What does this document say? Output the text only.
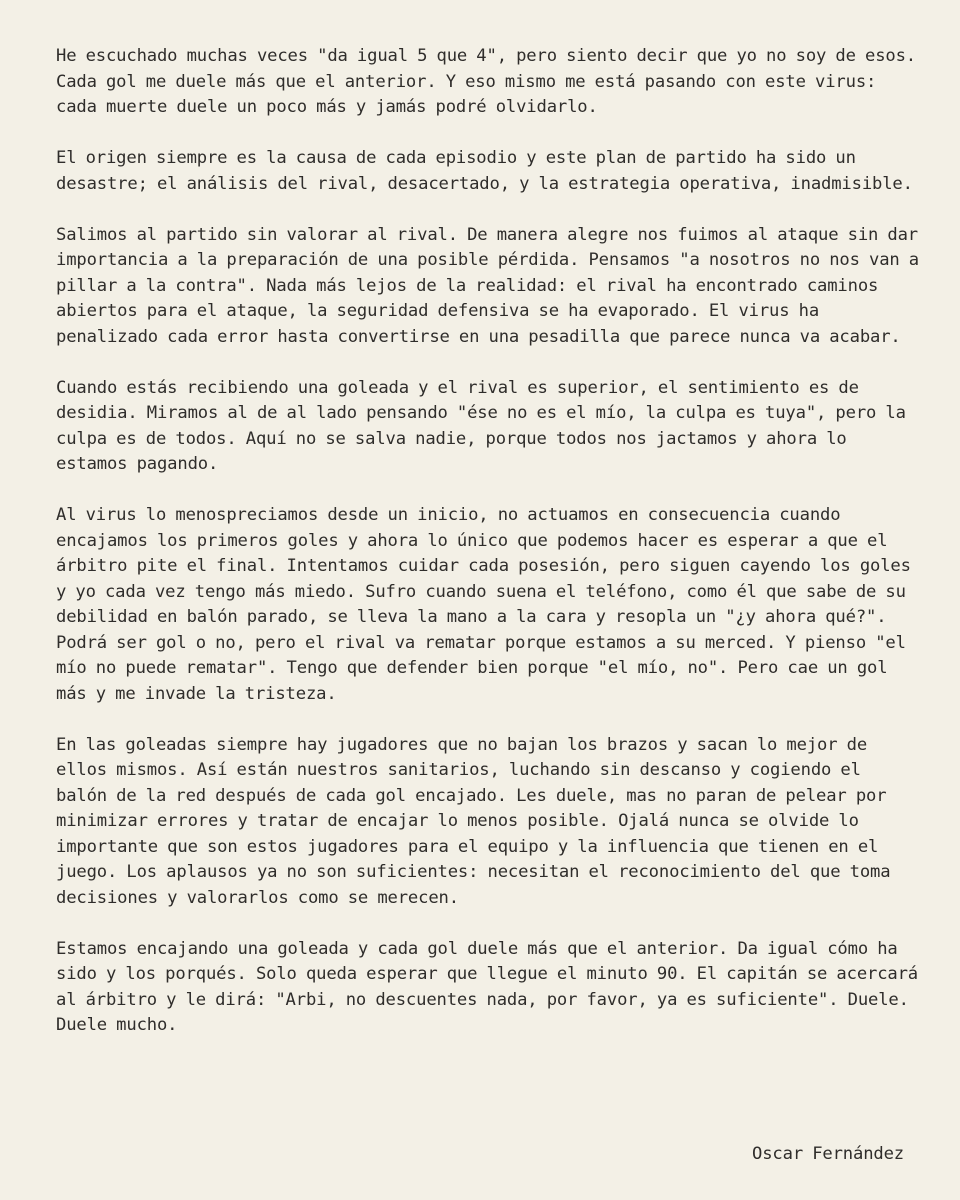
He escuchado muchas veces "da igual 5 que 4", pero siento decir que yo no soy de esos. Cada gol me duele más que el anterior. Y eso mismo me está pasando con este virus: cada muerte duele un poco más y jamás podré olvidarlo.

El origen siempre es la causa de cada episodio y este plan de partido ha sido un desastre; el análisis del rival, desacertado, y la estrategia operativa, inadmisible.

Salimos al partido sin valorar al rival. De manera alegre nos fuimos al ataque sin dar importancia a la preparación de una posible pérdida. Pensamos "a nosotros no nos van a pillar a la contra". Nada más lejos de la realidad: el rival ha encontrado caminos abiertos para el ataque, la seguridad defensiva se ha evaporado. El virus ha penalizado cada error hasta convertirse en una pesadilla que parece nunca va acabar.

Cuando estás recibiendo una goleada y el rival es superior, el sentimiento es de desidia. Miramos al de al lado pensando "ése no es el mío, la culpa es tuya", pero la culpa es de todos. Aquí no se salva nadie, porque todos nos jactamos y ahora lo estamos pagando.

Al virus lo menospreciamos desde un inicio, no actuamos en consecuencia cuando encajamos los primeros goles y ahora lo único que podemos hacer es esperar a que el árbitro pite el final. Intentamos cuidar cada posesión, pero siguen cayendo los goles y yo cada vez tengo más miedo. Sufro cuando suena el teléfono, como él que sabe de su debilidad en balón parado, se lleva la mano a la cara y resopla un "¿y ahora qué?". Podrá ser gol o no, pero el rival va rematar porque estamos a su merced. Y pienso "el mío no puede rematar". Tengo que defender bien porque "el mío, no". Pero cae un gol más y me invade la tristeza.

En las goleadas siempre hay jugadores que no bajan los brazos y sacan lo mejor de ellos mismos. Así están nuestros sanitarios, luchando sin descanso y cogiendo el balón de la red después de cada gol encajado. Les duele, mas no paran de pelear por minimizar errores y tratar de encajar lo menos posible. Ojalá nunca se olvide lo importante que son estos jugadores para el equipo y la influencia que tienen en el juego. Los aplausos ya no son suficientes: necesitan el reconocimiento del que toma decisiones y valorarlos como se merecen.

Estamos encajando una goleada y cada gol duele más que el anterior. Da igual cómo ha sido y los porqués. Solo queda esperar que llegue el minuto 90. El capitán se acercará al árbitro y le dirá: "Arbi, no descuentes nada, por favor, ya es suficiente". Duele. Duele mucho.

Oscar Fernández
